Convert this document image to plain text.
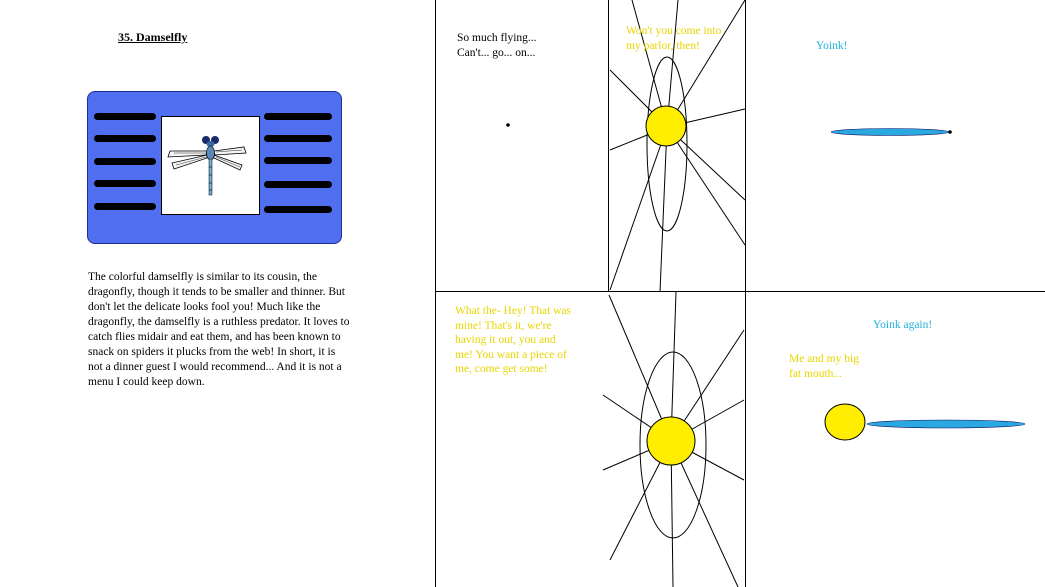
35. Damselfly
The colorful damselfly is similar to its cousin, the dragonfly, though it tends to be smaller and thinner. But don't let the delicate looks fool you! Much like the dragonfly, the damselfly is a ruthless predator. It loves to catch flies midair and eat them, and has been known to snack on spiders it plucks from the web! In short, it is not a dinner guest I would recommend... And it is not a menu I could keep down.
So much flying...
Can't... go... on...
Won't you come into
my parlor, then!	Yoink!
What the- Hey! That was
mine! That's it, we're
having it out, you and
me! You want a piece of
me, come get some!
Yoink again!
Me and my big
fat mouth...
